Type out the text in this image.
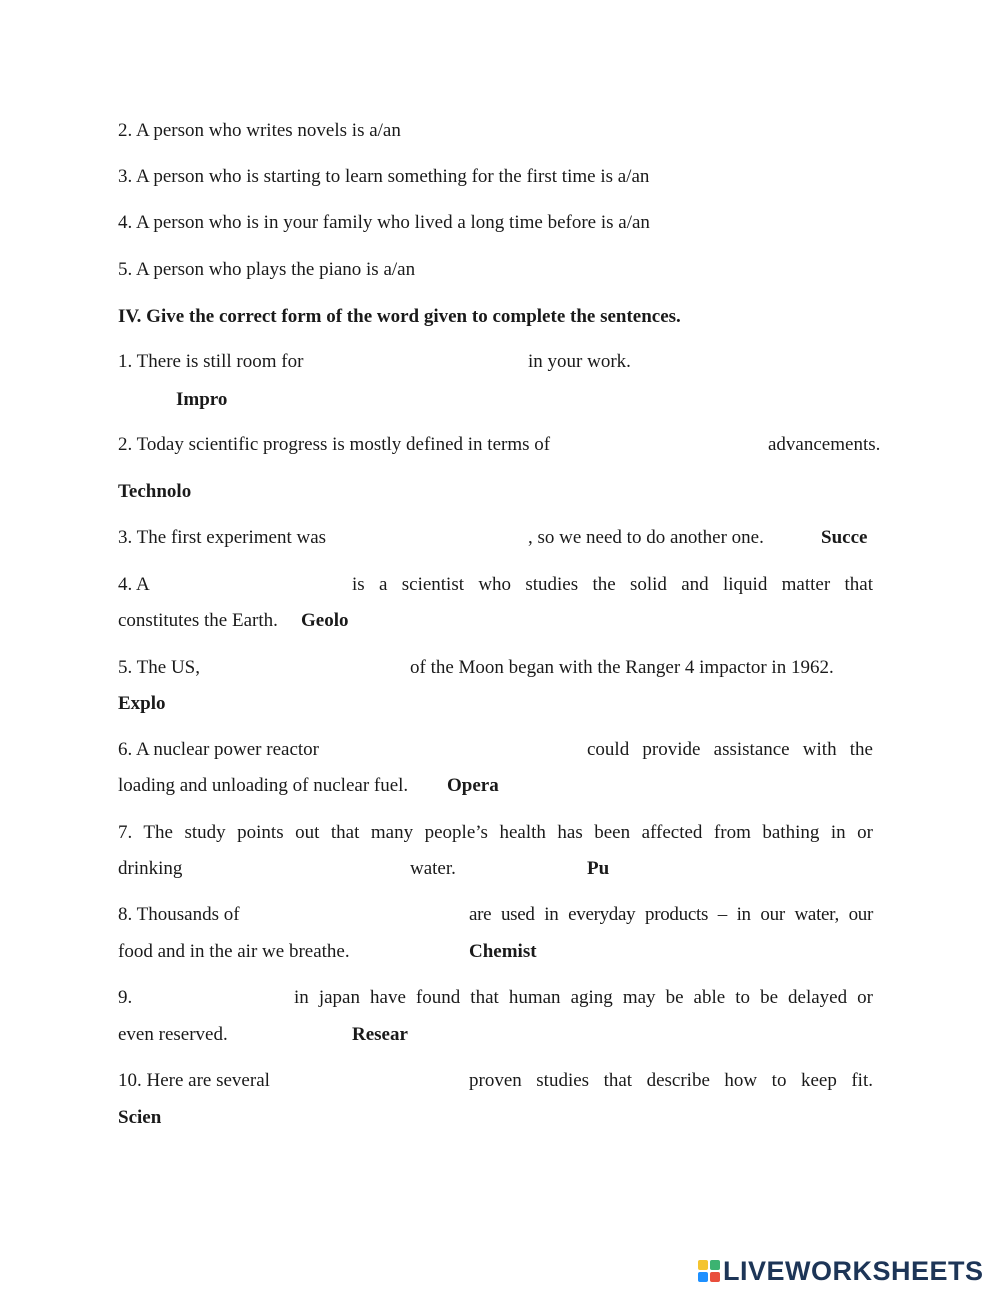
2. A person who writes novels is a/an
3. A person who is starting to learn something for the first time is a/an
4. A person who is in your family who lived a long time before is a/an
5. A person who plays the piano is a/an
IV. Give the correct form of the word given to complete the sentences.
1. There is still room for	in your work.
Impro
2. Today scientific progress is mostly defined in terms of	advancements.
Technolo
3. The first experiment was	, so we need to do another one.	Succe
4. A	is a scientist who studies the solid and liquid matter that
constitutes the Earth. Geolo
5. The US,	of the Moon began with the Ranger 4 impactor in 1962.
Explo
6. A nuclear power reactor	could provide assistance with the
loading and unloading of nuclear fuel. Opera
7. The study points out that many people’s health has been affected from bathing in or
drinking	water.	Pu
8. Thousands of	are used in everyday products – in our water, our
food and in the air we breathe.	Chemist
9.	in japan have found that human aging may be able to be delayed or
even reserved.	Resear
10. Here are several	proven studies that describe how to keep fit.
Scien
LIVEWORKSHEETS
